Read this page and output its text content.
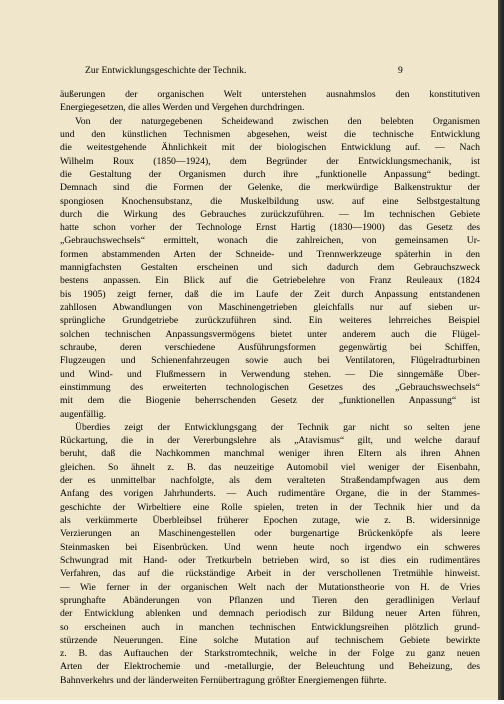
Zur Entwicklungsgeschichte der Technik.	9
äußerungen der organischen Welt unterstehen ausnahmslos den konstitutiven
Energiegesetzen, die alles Werden und Vergehen durchdringen.
Von der naturgegebenen Scheidewand zwischen den belebten Organismen
und den künstlichen Technismen abgesehen, weist die technische Entwicklung
die weitestgehende Ähnlichkeit mit der biologischen Entwicklung auf. — Nach
Wilhelm Roux (1850—1924), dem Begründer der Entwicklungsmechanik, ist
die Gestaltung der Organismen durch ihre „funktionelle Anpassung“ bedingt.
Demnach sind die Formen der Gelenke, die merkwürdige Balkenstruktur der
spongiosen Knochensubstanz, die Muskelbildung usw. auf eine Selbstgestaltung
durch die Wirkung des Gebrauches zurückzuführen. — Im technischen Gebiete
hatte schon vorher der Technologe Ernst Hartig (1830—1900) das Gesetz des
„Gebrauchswechsels“ ermittelt, wonach die zahlreichen, von gemeinsamen Ur-
formen abstammenden Arten der Schneide- und Trennwerkzeuge späterhin in den
mannigfachsten Gestalten erscheinen und sich dadurch dem Gebrauchszweck
bestens anpassen. Ein Blick auf die Getriebelehre von Franz Reuleaux (1824
bis 1905) zeigt ferner, daß die im Laufe der Zeit durch Anpassung entstandenen
zahllosen Abwandlungen von Maschinengetrieben gleichfalls nur auf sieben ur-
sprüngliche Grundgetriebe zurückzuführen sind. Ein weiteres lehrreiches Beispiel
solchen technischen Anpassungsvermögens bietet unter anderem auch die Flügel-
schraube, deren verschiedene Ausführungsformen gegenwärtig bei Schiffen,
Flugzeugen und Schienenfahrzeugen sowie auch bei Ventilatoren, Flügelradturbinen
und Wind- und Flußmessern in Verwendung stehen. — Die sinngemäße Über-
einstimmung des erweiterten technologischen Gesetzes des „Gebrauchswechsels“
mit dem die Biogenie beherrschenden Gesetz der „funktionellen Anpassung“ ist
augenfällig.
Überdies zeigt der Entwicklungsgang der Technik gar nicht so selten jene
Rückartung, die in der Vererbungslehre als „Atavismus“ gilt, und welche darauf
beruht, daß die Nachkommen manchmal weniger ihren Eltern als ihren Ahnen
gleichen. So ähnelt z. B. das neuzeitige Automobil viel weniger der Eisenbahn,
der es unmittelbar nachfolgte, als dem veralteten Straßendampfwagen aus dem
Anfang des vorigen Jahrhunderts. — Auch rudimentäre Organe, die in der Stammes-
geschichte der Wirbeltiere eine Rolle spielen, treten in der Technik hier und da
als verkümmerte Überbleibsel früherer Epochen zutage, wie z. B. widersinnige
Verzierungen an Maschinengestellen oder burgenartige Brückenköpfe als leere
Steinmasken bei Eisenbrücken. Und wenn heute noch irgendwo ein schweres
Schwungrad mit Hand- oder Tretkurbeln betrieben wird, so ist dies ein rudimentäres
Verfahren, das auf die rückständige Arbeit in der verschollenen Tretmühle hinweist.
— Wie ferner in der organischen Welt nach der Mutationstheorie von H. de Vries
sprunghafte Abänderungen von Pflanzen und Tieren den geradlinigen Verlauf
der Entwicklung ablenken und demnach periodisch zur Bildung neuer Arten führen,
so erscheinen auch in manchen technischen Entwicklungsreihen plötzlich grund-
stürzende Neuerungen. Eine solche Mutation auf technischem Gebiete bewirkte
z. B. das Auftauchen der Starkstromtechnik, welche in der Folge zu ganz neuen
Arten der Elektrochemie und -metallurgie, der Beleuchtung und Beheizung, des
Bahnverkehrs und der länderweiten Fernübertragung größter Energiemengen führte.
